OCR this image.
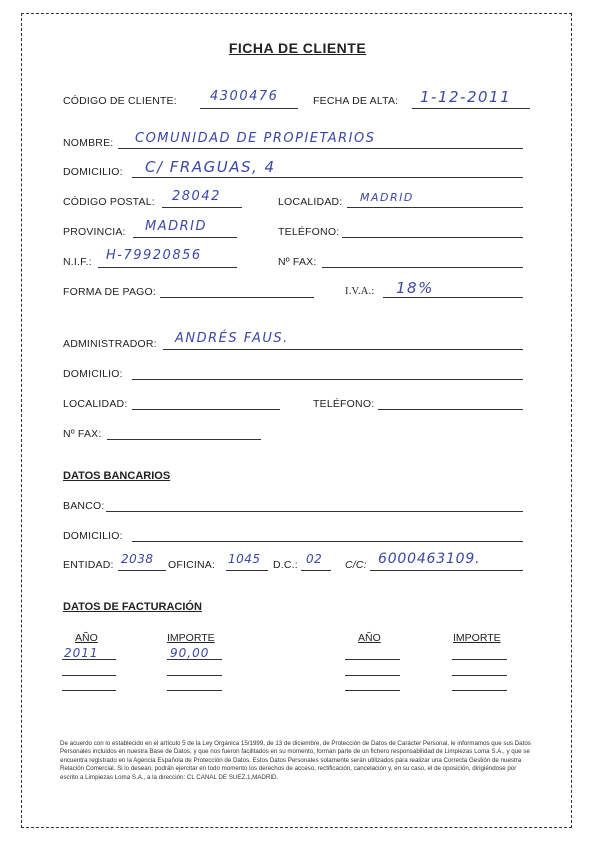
FICHA DE CLIENTE
CÓDIGO DE CLIENTE:	4300476	FECHA DE ALTA: 1-12-2011
NOMBRE: COMUNIDAD DE PROPIETARIOS
DOMICILIO: C/ FRAGUAS, 4
CÓDIGO POSTAL: 28042	LOCALIDAD: MADRID
PROVINCIA: MADRID	TELÉFONO:
N.I.F.: H-79920856	Nº FAX:
FORMA DE PAGO:	I.V.A.: 18%
ADMINISTRADOR: ANDRÉS FAUS.
DOMICILIO:
LOCALIDAD:	TELÉFONO:
Nº FAX:
DATOS BANCARIOS
BANCO:
DOMICILIO:
ENTIDAD: 2038 OFICINA: 1045 D.C.: 02 C/C: 6000463109.
DATOS DE FACTURACIÓN
AÑO	IMPORTE	AÑO	IMPORTE
2011	90,00
De acuerdo con lo establecido en el artículo 5 de la Ley Orgánica 15/1999, de 13 de diciembre, de Protección de Datos de Carácter Personal, le informamos que sus Datos Personales incluidos en nuestra Base de Datos, y que nos fueron facilitados en su momento, forman parte de un fichero responsabilidad de Limpiezas Loma S.A., y que se encuentra registrado en la Agencia Española de Protección de Datos. Estos Datos Personales solamente serán utilizados para realizar una Correcta Gestión de nuestra Relación Comercial. Si lo desean, podrán ejercitar en todo momento los derechos de acceso, rectificación, cancelación y, en su caso, el de oposición, dirigiéndose por escrito a Limpiezas Loma S.A., a la dirección: CL CANAL DE SUEZ,1,MADRID.
